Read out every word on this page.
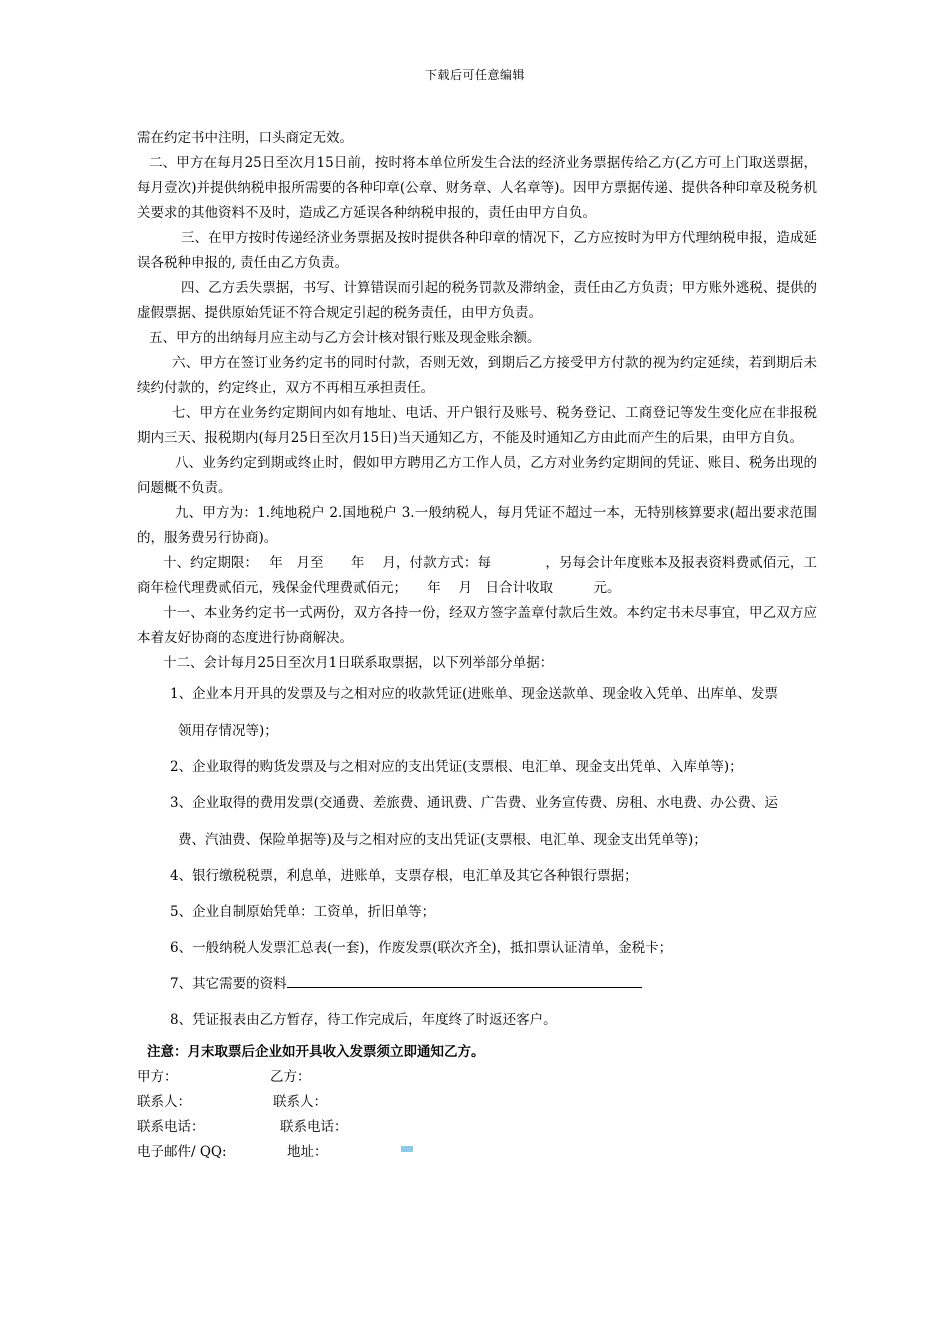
下载后可任意编辑

需在约定书中注明，口头商定无效。

二、甲方在每月25日至次月15日前，按时将本单位所发生合法的经济业务票据传给乙方(乙方可上门取送票据，每月壹次)并提供纳税申报所需要的各种印章(公章、财务章、人名章等)。因甲方票据传递、提供各种印章及税务机关要求的其他资料不及时，造成乙方延误各种纳税申报的，责任由甲方自负。

三、在甲方按时传递经济业务票据及按时提供各种印章的情况下，乙方应按时为甲方代理纳税申报，造成延误各税种申报的, 责任由乙方负责。

四、乙方丢失票据，书写、计算错误而引起的税务罚款及滞纳金，责任由乙方负责；甲方账外逃税、提供的虚假票据、提供原始凭证不符合规定引起的税务责任，由甲方负责。

五、甲方的出纳每月应主动与乙方会计核对银行账及现金账余额。

六、甲方在签订业务约定书的同时付款，否则无效，到期后乙方接受甲方付款的视为约定延续，若到期后未续约付款的，约定终止，双方不再相互承担责任。

七、甲方在业务约定期间内如有地址、电话、开户银行及账号、税务登记、工商登记等发生变化应在非报税期内三天、报税期内(每月25日至次月15日)当天通知乙方，不能及时通知乙方由此而产生的后果，由甲方自负。

八、业务约定到期或终止时，假如甲方聘用乙方工作人员，乙方对业务约定期间的凭证、账目、税务出现的问题概不负责。

九、甲方为：1.纯地税户 2.国地税户 3.一般纳税人，每月凭证不超过一本，无特别核算要求(超出要求范围的，服务费另行协商)。

十、约定期限：　 年　月至　　年　 月，付款方式：每　　　　，另每会计年度账本及报表资料费贰佰元，工商年检代理费贰佰元，残保金代理费贰佰元；　　年　 月　日合计收取　　　元。

十一、本业务约定书一式两份，双方各持一份，经双方签字盖章付款后生效。本约定书未尽事宜，甲乙双方应本着友好协商的态度进行协商解决。

十二、会计每月25日至次月1日联系取票据，以下列举部分单据：

1、企业本月开具的发票及与之相对应的收款凭证(进账单、现金送款单、现金收入凭单、出库单、发票
领用存情况等)；
2、企业取得的购货发票及与之相对应的支出凭证(支票根、电汇单、现金支出凭单、入库单等)；
3、企业取得的费用发票(交通费、差旅费、通讯费、广告费、业务宣传费、房租、水电费、办公费、运
费、汽油费、保险单据等)及与之相对应的支出凭证(支票根、电汇单、现金支出凭单等)；
4、银行缴税税票，利息单，进账单，支票存根，电汇单及其它各种银行票据；
5、企业自制原始凭单：工资单，折旧单等；
6、一般纳税人发票汇总表(一套)，作废发票(联次齐全)，抵扣票认证清单，金税卡；
7、其它需要的资料
8、凭证报表由乙方暂存，待工作完成后，年度终了时返还客户。
注意：月末取票后企业如开具收入发票须立即通知乙方。
甲方：	乙方：
联系人：	联系人：
联系电话：	联系电话：
电子邮件/ QQ:	地址：
